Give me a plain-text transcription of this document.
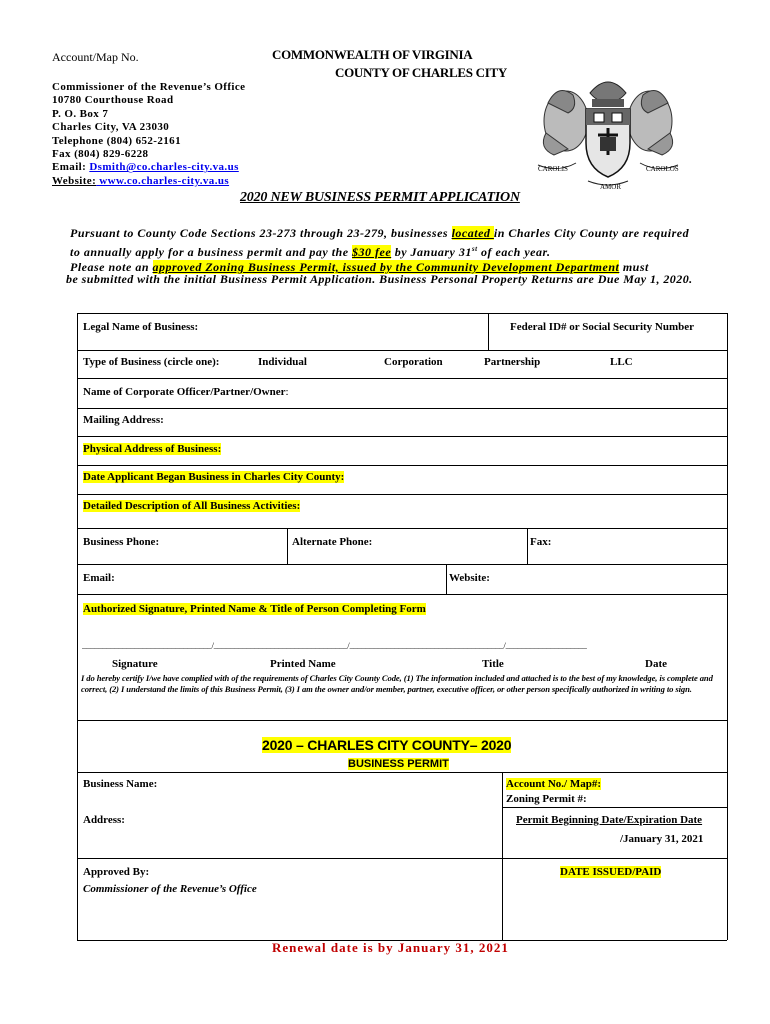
Account/Map No.	COMMONWEALTH OF VIRGINIA
COUNTY OF CHARLES CITY
Commissioner of the Revenue’s Office
10780 Courthouse Road
P. O. Box 7
Charles City, VA 23030
Telephone (804) 652-2161
Fax (804) 829-6228
Email: Dsmith@co.charles-city.va.us
Website: www.co.charles-city.va.us
CAROLIS	CAROLOS
AMOR
2020 NEW BUSINESS PERMIT APPLICATION
Pursuant to County Code Sections 23-273 through 23-279, businesses located in Charles City County are required
to annually apply for a business permit and pay the $30 fee by January 31st of each year.
Please note an approved Zoning Business Permit, issued by the Community Development Department must
be submitted with the initial Business Permit Application. Business Personal Property Returns are Due May 1, 2020.
Legal Name of Business:	Federal ID# or Social Security Number
Type of Business (circle one):	Individual	Corporation	Partnership	LLC
Name of Corporate Officer/Partner/Owner:
Mailing Address:
Physical Address of Business:
Date Applicant Began Business in Charles City County:
Detailed Description of All Business Activities:
Business Phone:	Alternate Phone:	Fax:
Email:	Website:
Authorized Signature, Printed Name & Title of Person Completing Form
________________________________/_________________________________/______________________________________/____________________
Signature	Printed Name	Title	Date
I do hereby certify I/we have complied with of the requirements of Charles City County Code, (1) The information included and attached is to the best of my knowledge, is complete and correct, (2) I understand the limits of this Business Permit, (3) I am the owner and/or member, partner, executive officer, or other person specifically authorized in writing to sign.
2020 – CHARLES CITY COUNTY– 2020
BUSINESS PERMIT
Business Name:	Account No./ Map#:
Zoning Permit #:
Address:	Permit Beginning Date/Expiration Date
/January 31, 2021
Approved By:
Commissioner of the Revenue’s Office
DATE ISSUED/PAID
Renewal date is by January 31, 2021
